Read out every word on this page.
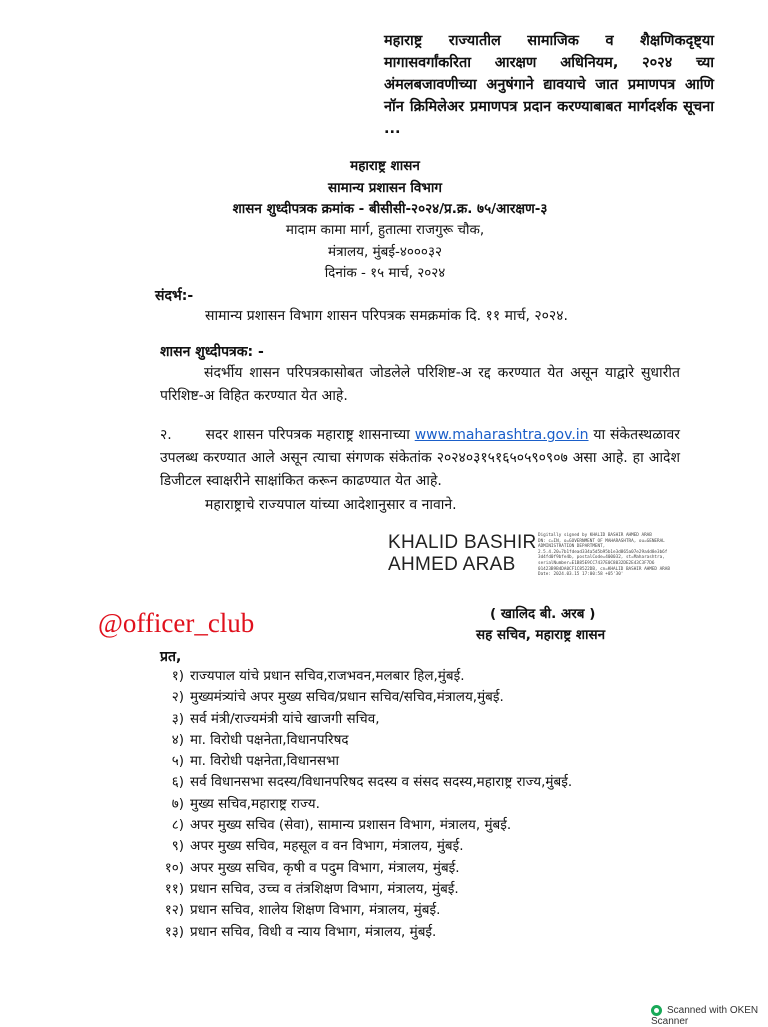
महाराष्ट्र राज्यातील सामाजिक व शैक्षणिकदृष्ट्या मागासवर्गांकरिता आरक्षण अधिनियम, २०२४ च्या अंमलबजावणीच्या अनुषंगाने द्यावयाचे जात प्रमाणपत्र आणि नॉन क्रिमिलेअर प्रमाणपत्र प्रदान करण्याबाबत मार्गदर्शक सूचना ...
महाराष्ट्र शासन
सामान्य प्रशासन विभाग
शासन शुध्दीपत्रक क्रमांक - बीसीसी-२०२४/प्र.क्र. ७५/आरक्षण-३
मादाम कामा मार्ग, हुतात्मा राजगुरू चौक,
मंत्रालय, मुंबई-४०००३२
दिनांक - १५ मार्च, २०२४
संदर्भ:-
सामान्य प्रशासन विभाग शासन परिपत्रक समक्रमांक दि. ११ मार्च, २०२४.
शासन शुध्दीपत्रक: -
संदर्भीय शासन परिपत्रकासोबत जोडलेले परिशिष्ट-अ रद्द करण्यात येत असून याद्वारे सुधारीत परिशिष्ट-अ विहित करण्यात येत आहे.
२. सदर शासन परिपत्रक महाराष्ट्र शासनाच्या www.maharashtra.gov.in या संकेतस्थळावर उपलब्ध करण्यात आले असून त्याचा संगणक संकेतांक २०२४०३१५१६५०५९०९०७ असा आहे. हा आदेश डिजीटल स्वाक्षरीने साक्षांकित करून काढण्यात येत आहे.
महाराष्ट्राचे राज्यपाल यांच्या आदेशानुसार व नावाने.
KHALID BASHIR
AHMED ARAB
Digitally signed by KHALID BASHIR AHMED ARAB
DN: c=IN, o=GOVERNMENT OF MAHARASHTRA, ou=GENERAL
ADMINISTRATION DEPARTMENT,
2.5.4.20=7b1fdead334a5d5b95b1e3d865a07e29a4d8e3b6f
3d4fd0f9bfe4b, postalCode=400032, st=Maharashtra,
serialNumber=E1B85E9CC7437E0C8032DE2E43C3F7D6
01423B9B4DA0CF1C8522DB, cn=KHALID BASHIR AHMED ARAB
Date: 2024.03.15 17:00:58 +05'30'
@officer_club	( खालिद बी. अरब )
सह सचिव, महाराष्ट्र शासन
प्रत,
१) राज्यपाल यांचे प्रधान सचिव,राजभवन,मलबार हिल,मुंबई.
२) मुख्यमंत्र्यांचे अपर मुख्य सचिव/प्रधान सचिव/सचिव,मंत्रालय,मुंबई.
३) सर्व मंत्री/राज्यमंत्री यांचे खाजगी सचिव,
४) मा. विरोधी पक्षनेता,विधानपरिषद
५) मा. विरोधी पक्षनेता,विधानसभा
६) सर्व विधानसभा सदस्य/विधानपरिषद सदस्य व संसद सदस्य,महाराष्ट्र राज्य,मुंबई.
७) मुख्य सचिव,महाराष्ट्र राज्य.
८) अपर मुख्य सचिव (सेवा), सामान्य प्रशासन विभाग, मंत्रालय, मुंबई.
९) अपर मुख्य सचिव, महसूल व वन विभाग, मंत्रालय, मुंबई.
१०) अपर मुख्य सचिव, कृषी व पदुम विभाग, मंत्रालय, मुंबई.
११) प्रधान सचिव, उच्च व तंत्रशिक्षण विभाग, मंत्रालय, मुंबई.
१२) प्रधान सचिव, शालेय शिक्षण विभाग, मंत्रालय, मुंबई.
१३) प्रधान सचिव, विधी व न्याय विभाग, मंत्रालय, मुंबई.
Scanned with OKEN Scanner
